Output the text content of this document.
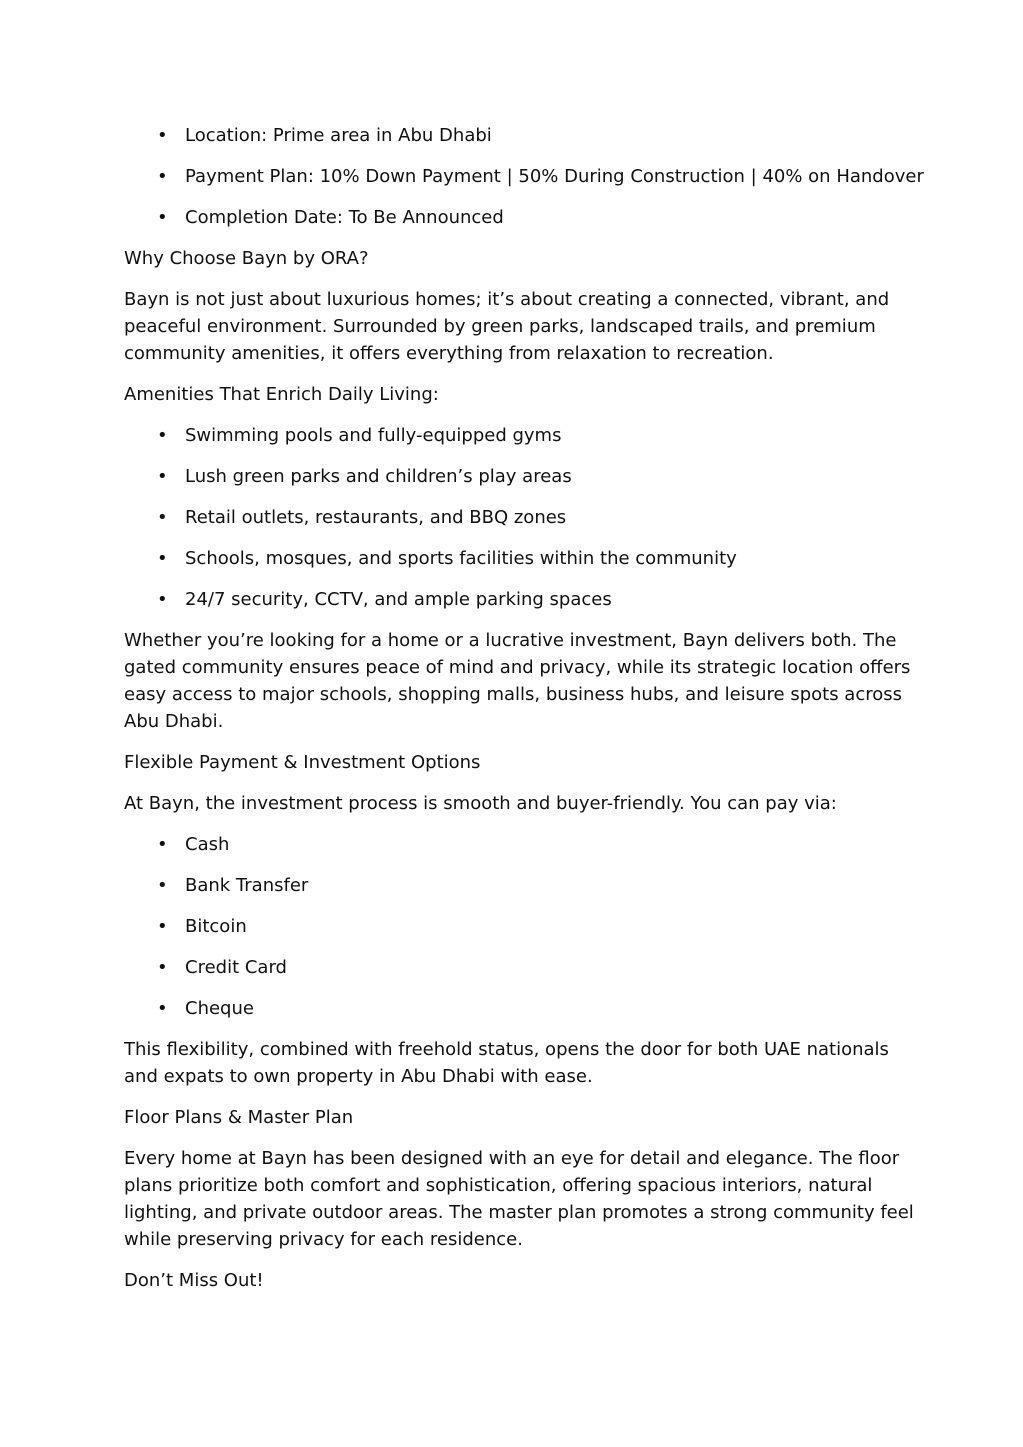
• Location: Prime area in Abu Dhabi
• Payment Plan: 10% Down Payment | 50% During Construction | 40% on Handover
• Completion Date: To Be Announced

Why Choose Bayn by ORA?

Bayn is not just about luxurious homes; it’s about creating a connected, vibrant, and peaceful environment. Surrounded by green parks, landscaped trails, and premium community amenities, it offers everything from relaxation to recreation.

Amenities That Enrich Daily Living:

• Swimming pools and fully-equipped gyms
• Lush green parks and children’s play areas
• Retail outlets, restaurants, and BBQ zones
• Schools, mosques, and sports facilities within the community
• 24/7 security, CCTV, and ample parking spaces

Whether you’re looking for a home or a lucrative investment, Bayn delivers both. The gated community ensures peace of mind and privacy, while its strategic location offers easy access to major schools, shopping malls, business hubs, and leisure spots across Abu Dhabi.

Flexible Payment & Investment Options

At Bayn, the investment process is smooth and buyer-friendly. You can pay via:

• Cash
• Bank Transfer
• Bitcoin
• Credit Card
• Cheque

This flexibility, combined with freehold status, opens the door for both UAE nationals and expats to own property in Abu Dhabi with ease.

Floor Plans & Master Plan

Every home at Bayn has been designed with an eye for detail and elegance. The floor plans prioritize both comfort and sophistication, offering spacious interiors, natural lighting, and private outdoor areas. The master plan promotes a strong community feel while preserving privacy for each residence.

Don’t Miss Out!
